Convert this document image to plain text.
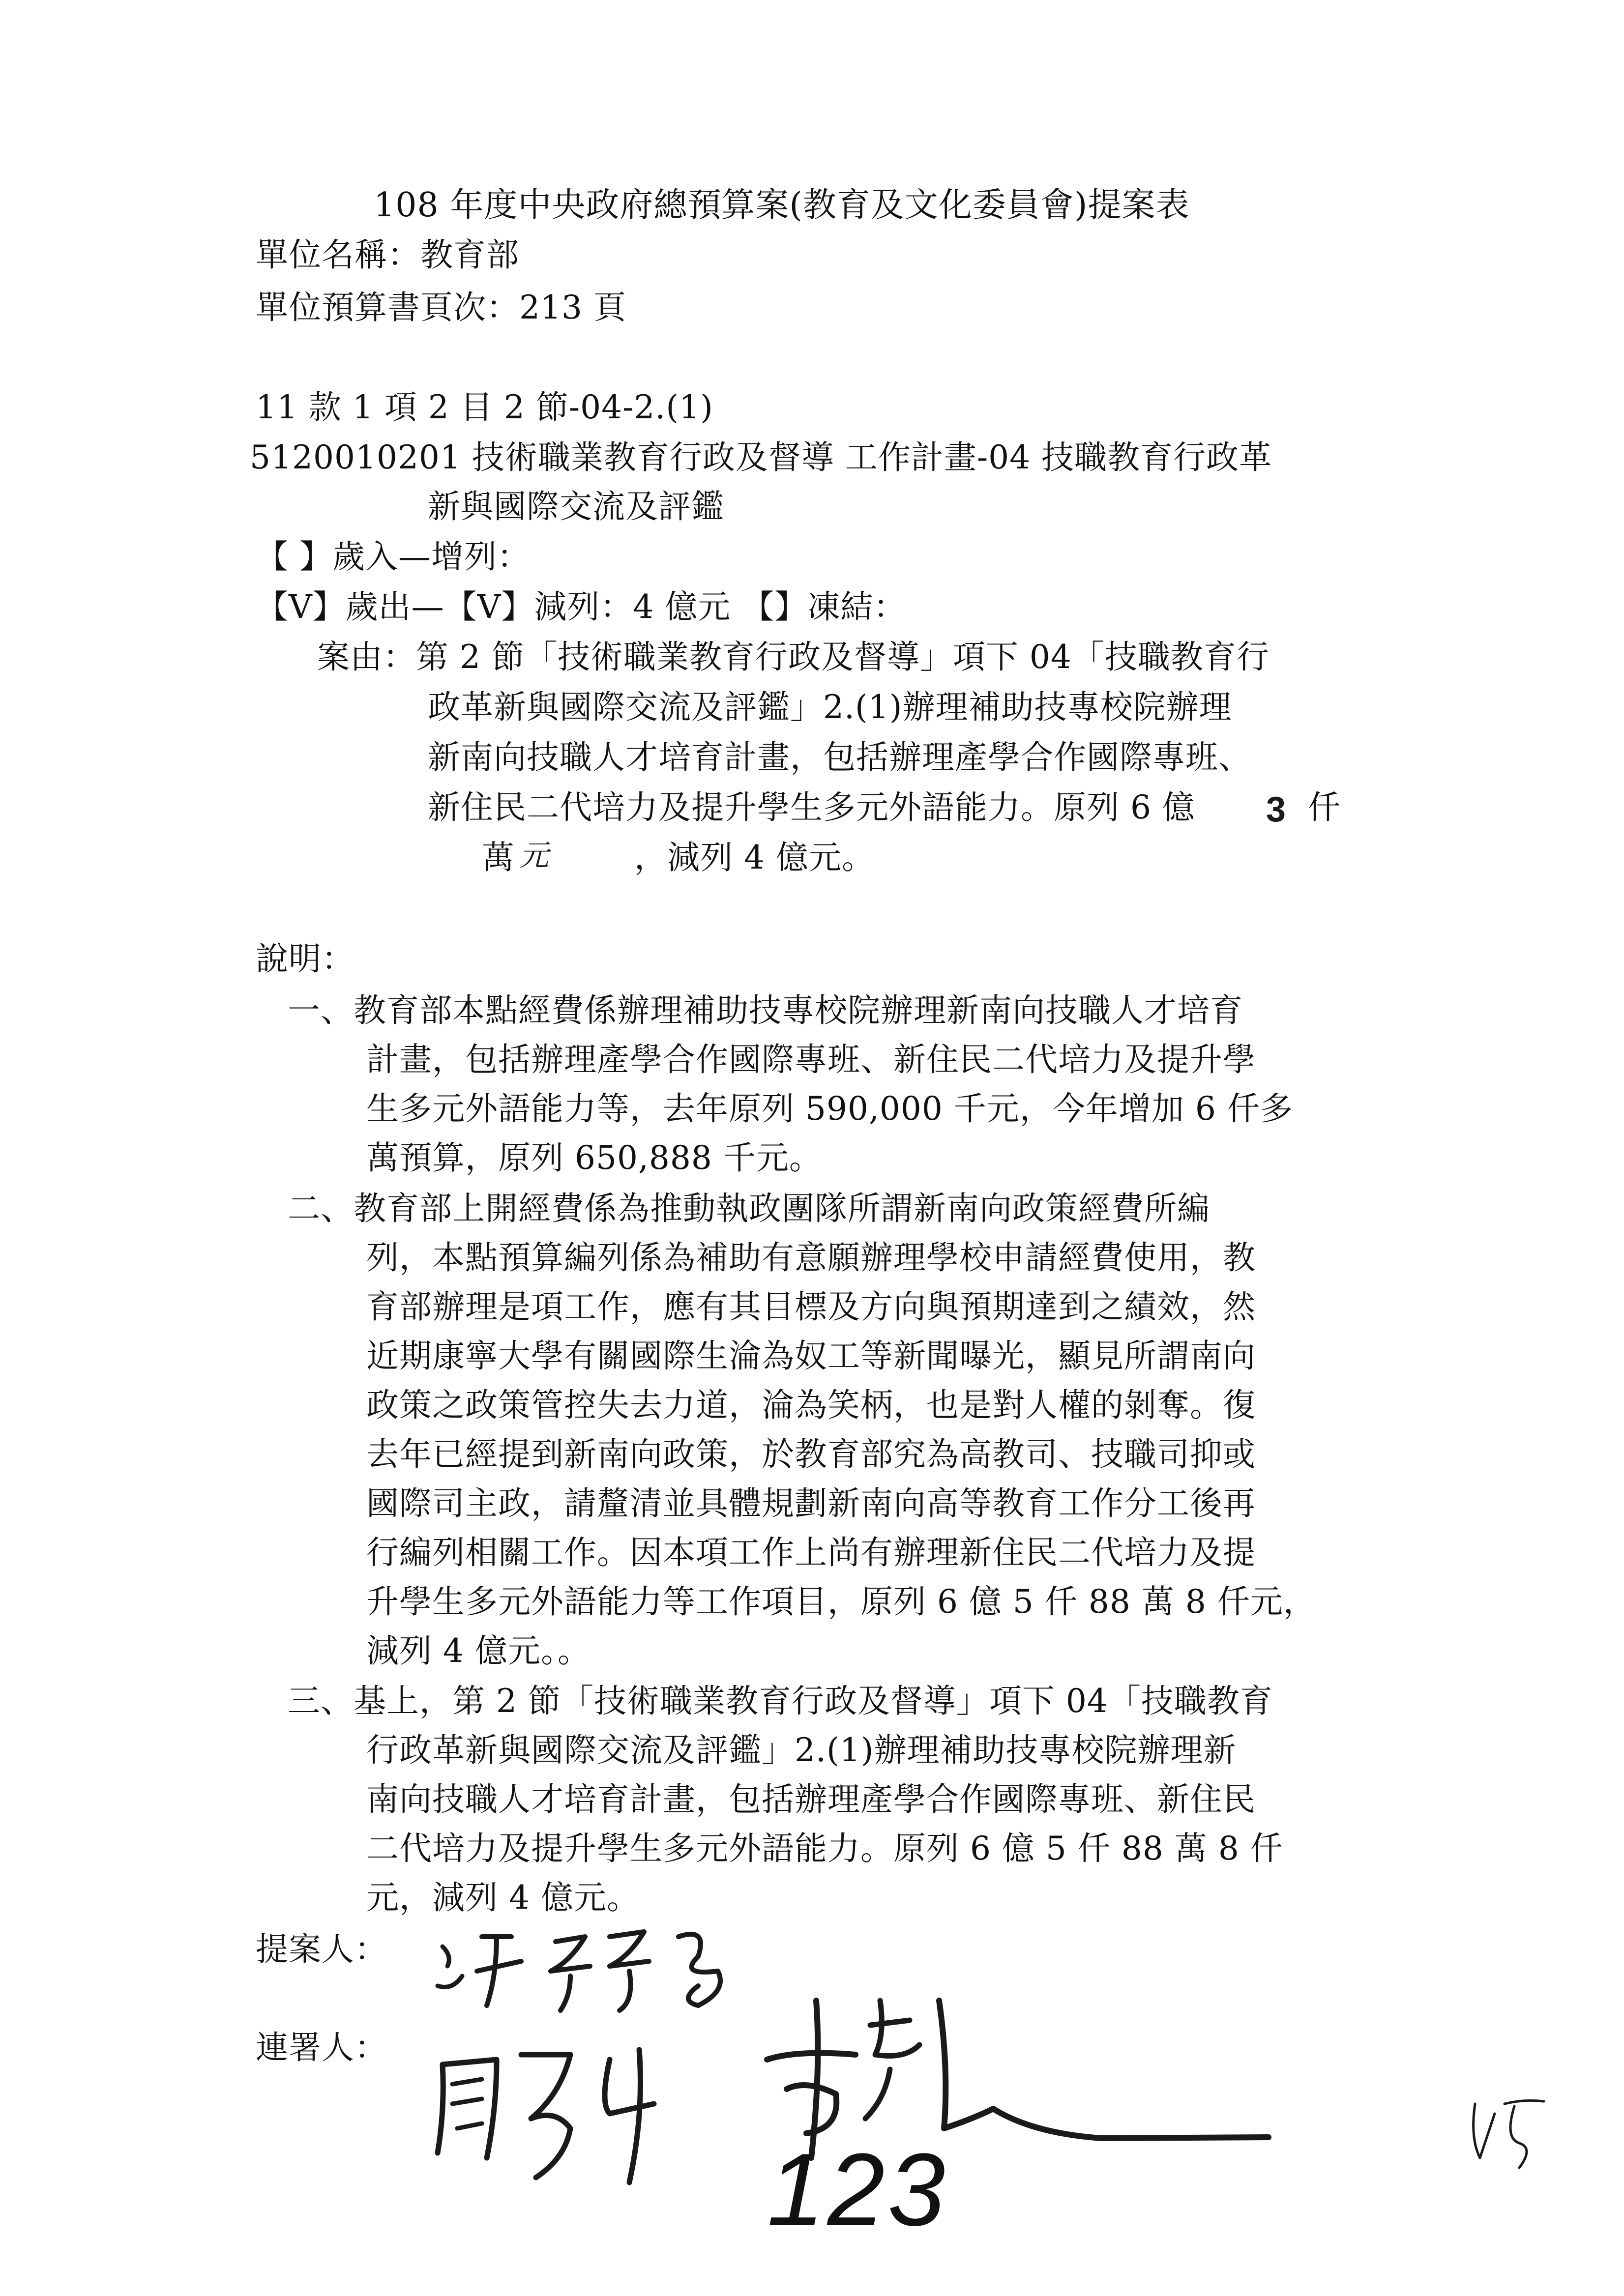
108 年度中央政府總預算案(教育及文化委員會)提案表
單位名稱：教育部
單位預算書頁次：213 頁
11 款 1 項 2 目 2 節-04-2.(1)
5120010201 技術職業教育行政及督導 工作計畫-04 技職教育行政革
新與國際交流及評鑑
【 】歲入—增列：
【V】歲出—【V】減列：4 億元 【】凍結：
案由：第 2 節「技術職業教育行政及督導」項下 04「技職教育行
政革新與國際交流及評鑑」2.(1)辦理補助技專校院辦理
新南向技職人才培育計畫，包括辦理產學合作國際專班、
新住民二代培力及提升學生多元外語能力。原列 6 億 3 仟
萬 元	，減列 4 億元。
說明：
一、教育部本點經費係辦理補助技專校院辦理新南向技職人才培育
計畫，包括辦理產學合作國際專班、新住民二代培力及提升學
生多元外語能力等，去年原列 590,000 千元，今年增加 6 仟多
萬預算，原列 650,888 千元。
二、教育部上開經費係為推動執政團隊所謂新南向政策經費所編
列，本點預算編列係為補助有意願辦理學校申請經費使用，教
育部辦理是項工作，應有其目標及方向與預期達到之績效，然
近期康寧大學有關國際生淪為奴工等新聞曝光，顯見所謂南向
政策之政策管控失去力道，淪為笑柄，也是對人權的剝奪。復
去年已經提到新南向政策，於教育部究為高教司、技職司抑或
國際司主政，請釐清並具體規劃新南向高等教育工作分工後再
行編列相關工作。因本項工作上尚有辦理新住民二代培力及提
升學生多元外語能力等工作項目，原列 6 億 5 仟 88 萬 8 仟元，
減列 4 億元。。
三、基上，第 2 節「技術職業教育行政及督導」項下 04「技職教育
行政革新與國際交流及評鑑」2.(1)辦理補助技專校院辦理新
南向技職人才培育計畫，包括辦理產學合作國際專班、新住民
二代培力及提升學生多元外語能力。原列 6 億 5 仟 88 萬 8 仟
元，減列 4 億元。
提案人：
連署人：
123
